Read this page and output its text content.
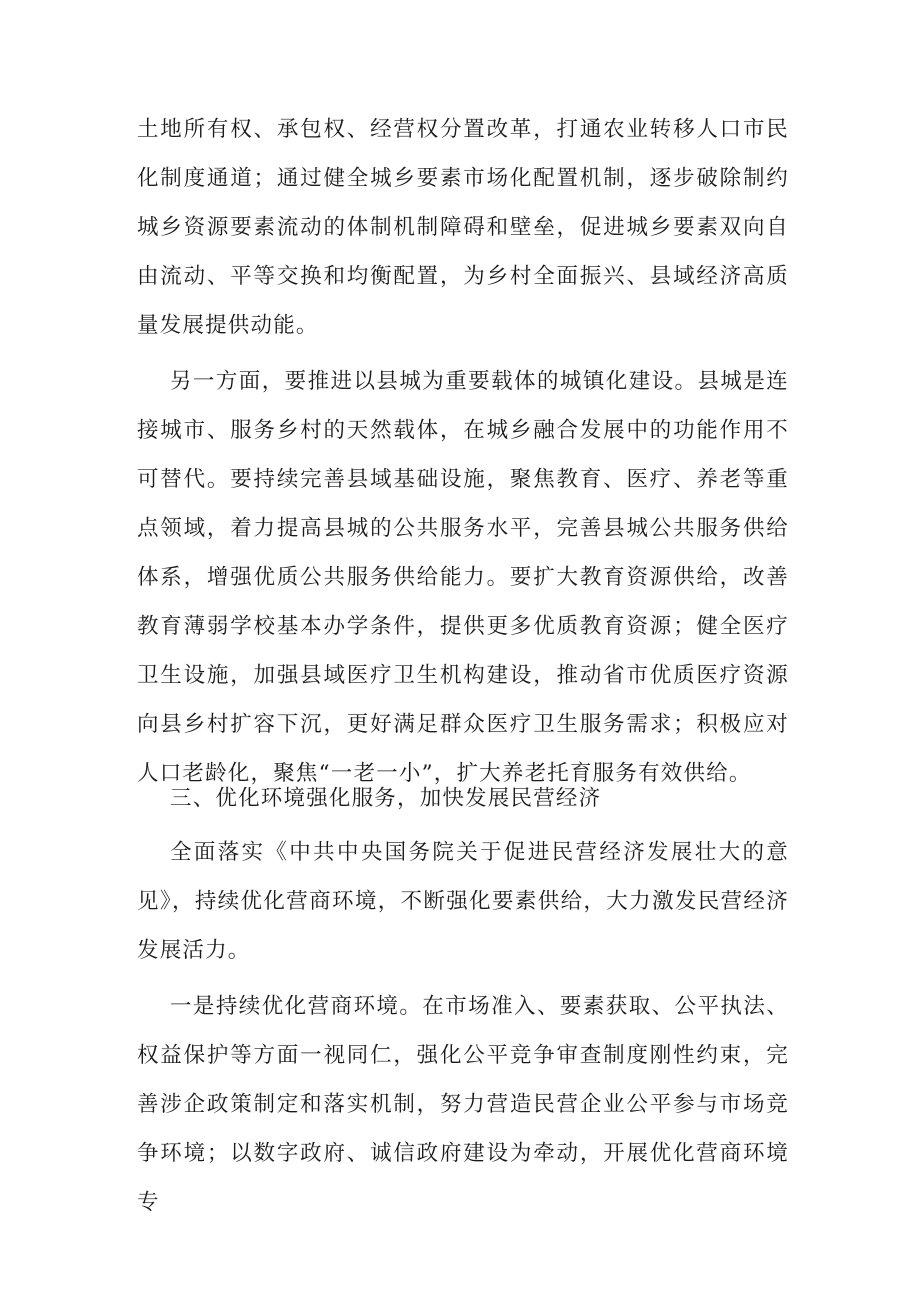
土地所有权、承包权、经营权分置改革，打通农业转移人口市民化制度通道；通过健全城乡要素市场化配置机制，逐步破除制约城乡资源要素流动的体制机制障碍和壁垒，促进城乡要素双向自由流动、平等交换和均衡配置，为乡村全面振兴、县域经济高质量发展提供动能。

另一方面，要推进以县城为重要载体的城镇化建设。县城是连接城市、服务乡村的天然载体，在城乡融合发展中的功能作用不可替代。要持续完善县域基础设施，聚焦教育、医疗、养老等重点领域，着力提高县城的公共服务水平，完善县城公共服务供给体系，增强优质公共服务供给能力。要扩大教育资源供给，改善教育薄弱学校基本办学条件，提供更多优质教育资源；健全医疗卫生设施，加强县域医疗卫生机构建设，推动省市优质医疗资源向县乡村扩容下沉，更好满足群众医疗卫生服务需求；积极应对人口老龄化，聚焦“一老一小”，扩大养老托育服务有效供给。

三、优化环境强化服务，加快发展民营经济

全面落实《中共中央国务院关于促进民营经济发展壮大的意见》，持续优化营商环境，不断强化要素供给，大力激发民营经济发展活力。

一是持续优化营商环境。在市场准入、要素获取、公平执法、权益保护等方面一视同仁，强化公平竞争审查制度刚性约束，完善涉企政策制定和落实机制，努力营造民营企业公平参与市场竞争环境；以数字政府、诚信政府建设为牵动，开展优化营商环境专
